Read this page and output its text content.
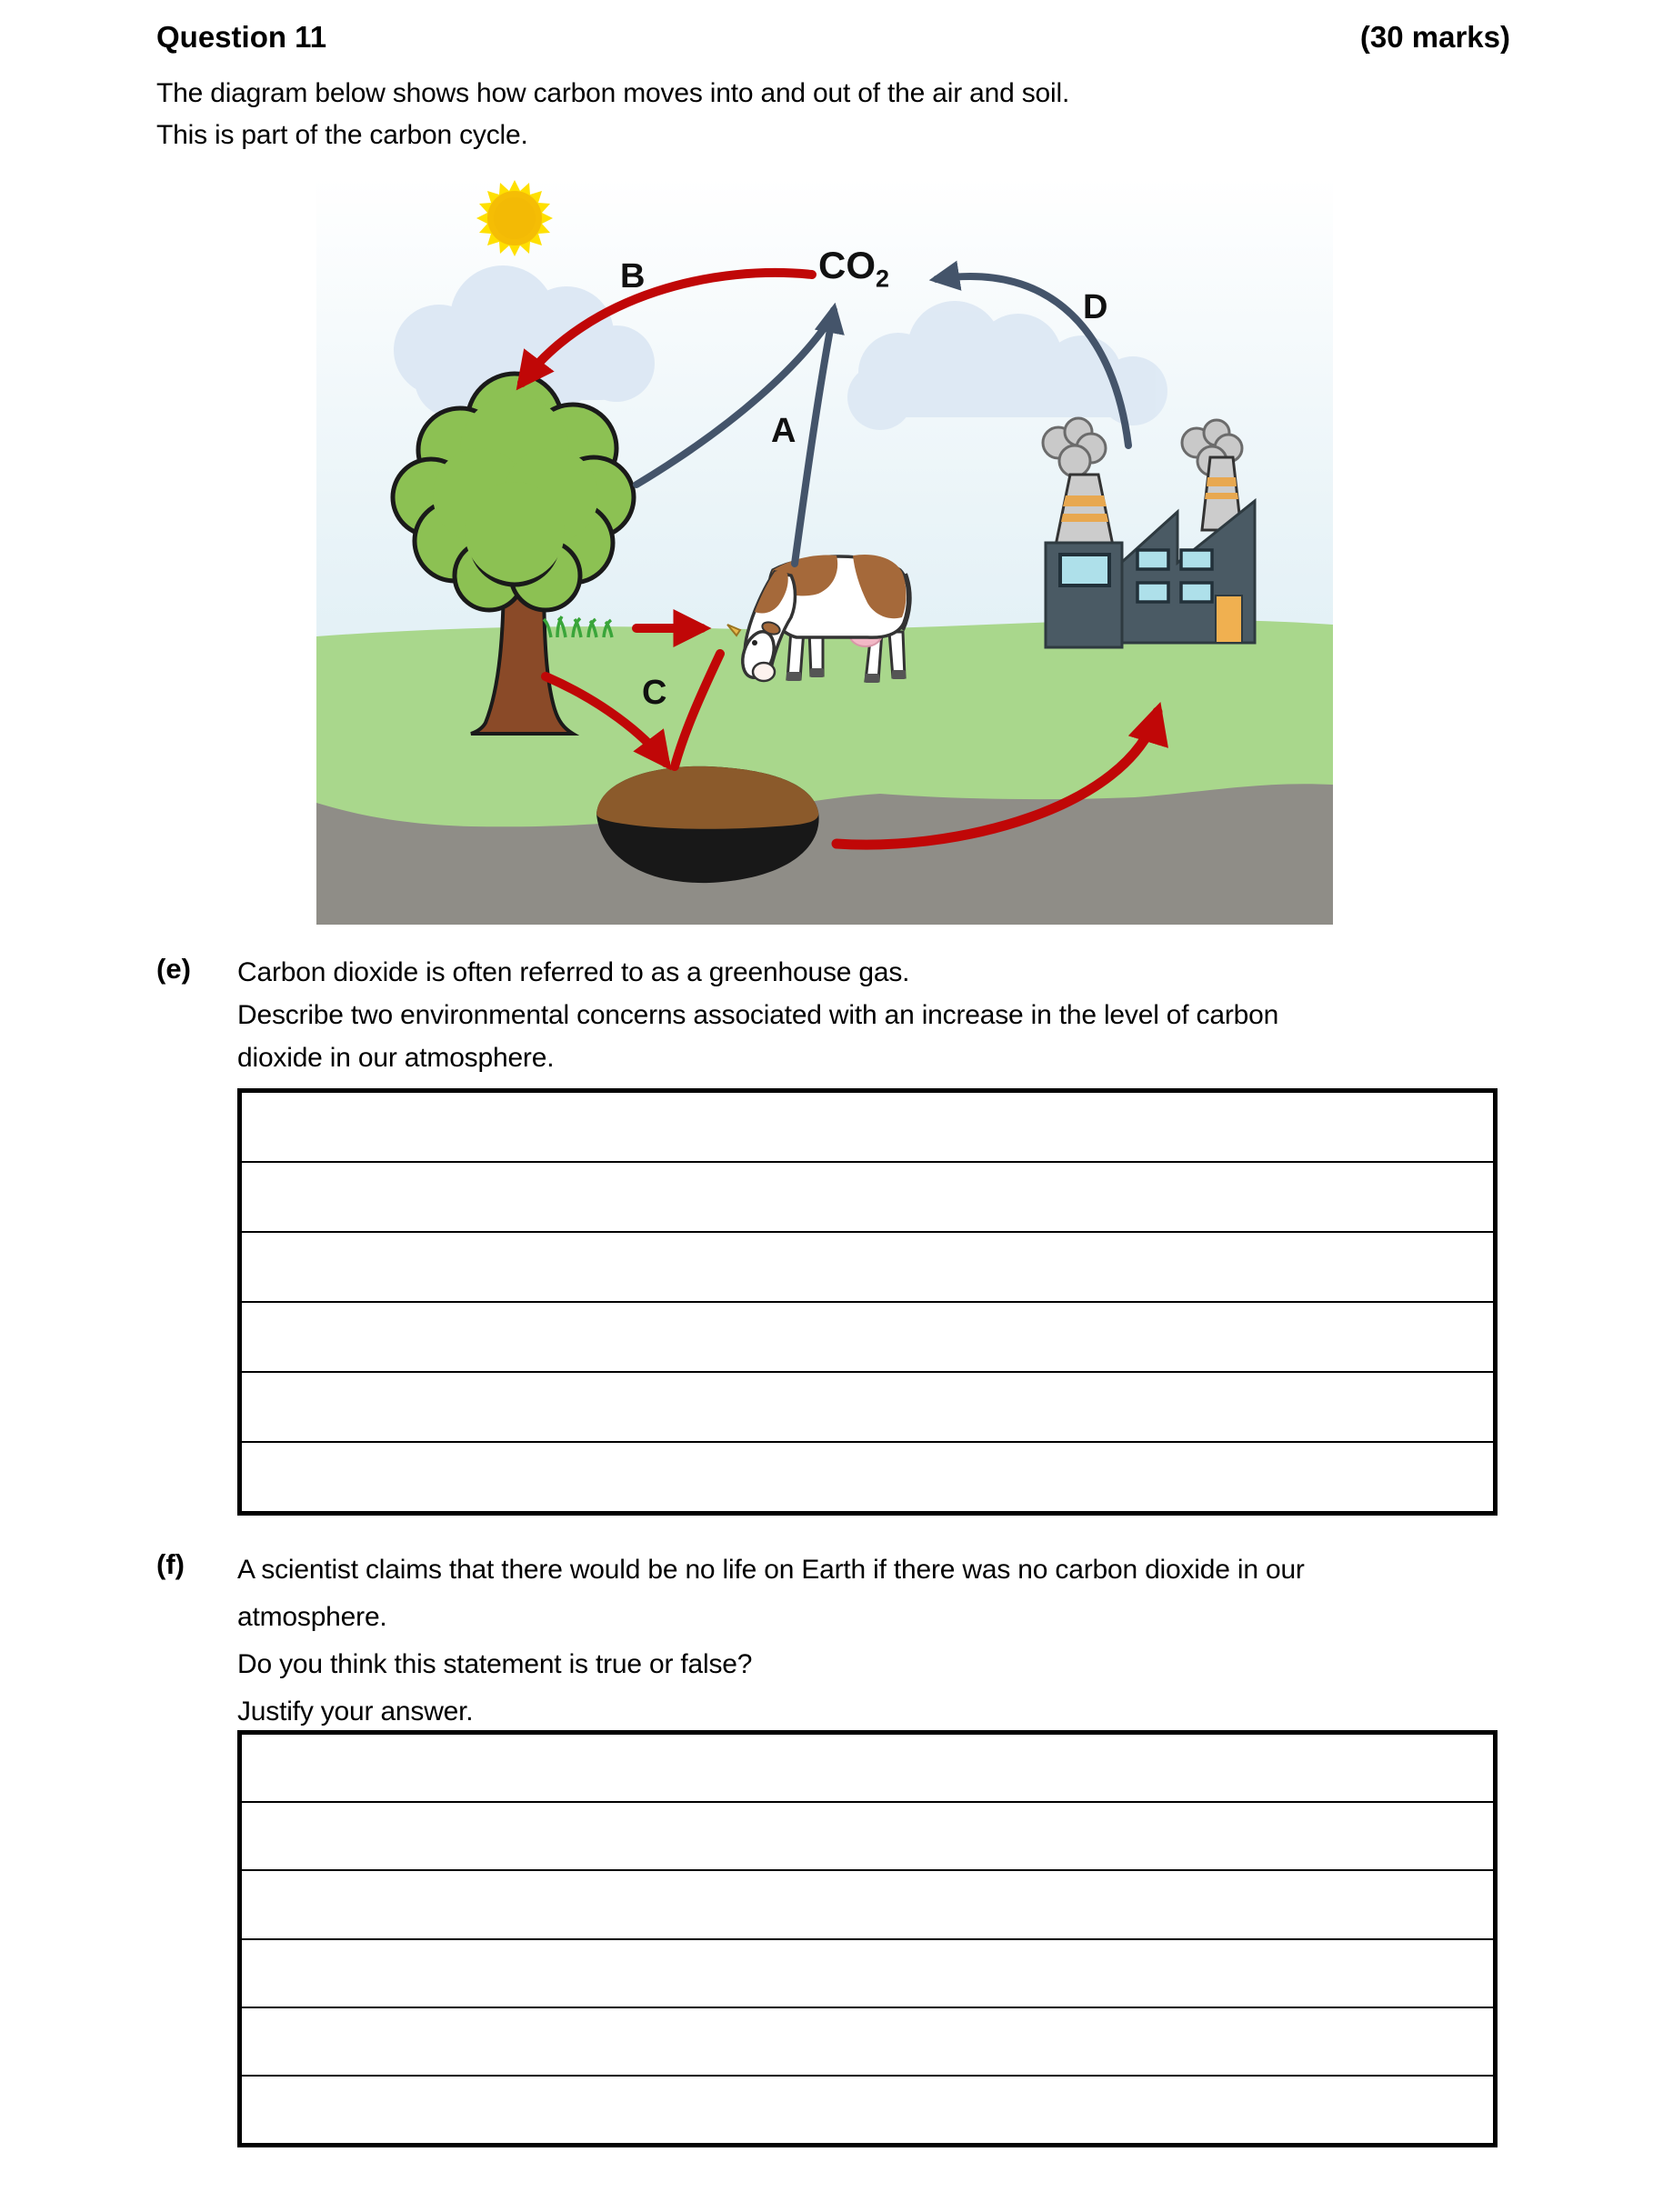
Question 11	(30 marks)
The diagram below shows how carbon moves into and out of the air and soil.
This is part of the carbon cycle.
$CO_2$
B
D
A
C
(e) Carbon dioxide is often referred to as a greenhouse gas.
Describe two environmental concerns associated with an increase in the level of carbon
dioxide in our atmosphere.
(f) A scientist claims that there would be no life on Earth if there was no carbon dioxide in our
atmosphere.
Do you think this statement is true or false?
Justify your answer.
